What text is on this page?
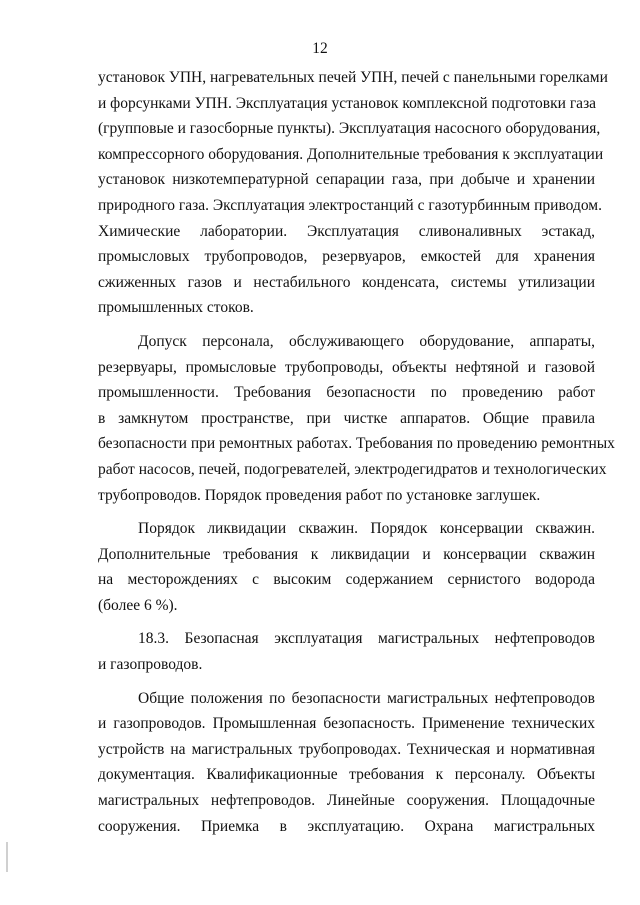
12
установок УПН, нагревательных печей УПН, печей с панельными горелками
и форсунками УПН. Эксплуатация установок комплексной подготовки газа
(групповые и газосборные пункты). Эксплуатация насосного оборудования,
компрессорного оборудования. Дополнительные требования к эксплуатации
установок низкотемпературной сепарации газа, при добыче и хранении
природного газа. Эксплуатация электростанций с газотурбинным приводом.
Химические лаборатории. Эксплуатация сливоналивных эстакад,
промысловых трубопроводов, резервуаров, емкостей для хранения
сжиженных газов и нестабильного конденсата, системы утилизации
промышленных стоков.
Допуск персонала, обслуживающего оборудование, аппараты,
резервуары, промысловые трубопроводы, объекты нефтяной и газовой
промышленности. Требования безопасности по проведению работ
в замкнутом пространстве, при чистке аппаратов. Общие правила
безопасности при ремонтных работах. Требования по проведению ремонтных
работ насосов, печей, подогревателей, электродегидратов и технологических
трубопроводов. Порядок проведения работ по установке заглушек.
Порядок ликвидации скважин. Порядок консервации скважин.
Дополнительные требования к ликвидации и консервации скважин
на месторождениях с высоким содержанием сернистого водорода
(более 6 %).
18.3. Безопасная эксплуатация магистральных нефтепроводов
и газопроводов.
Общие положения по безопасности магистральных нефтепроводов
и газопроводов. Промышленная безопасность. Применение технических
устройств на магистральных трубопроводах. Техническая и нормативная
документация. Квалификационные требования к персоналу. Объекты
магистральных нефтепроводов. Линейные сооружения. Площадочные
сооружения. Приемка в эксплуатацию. Охрана магистральных
